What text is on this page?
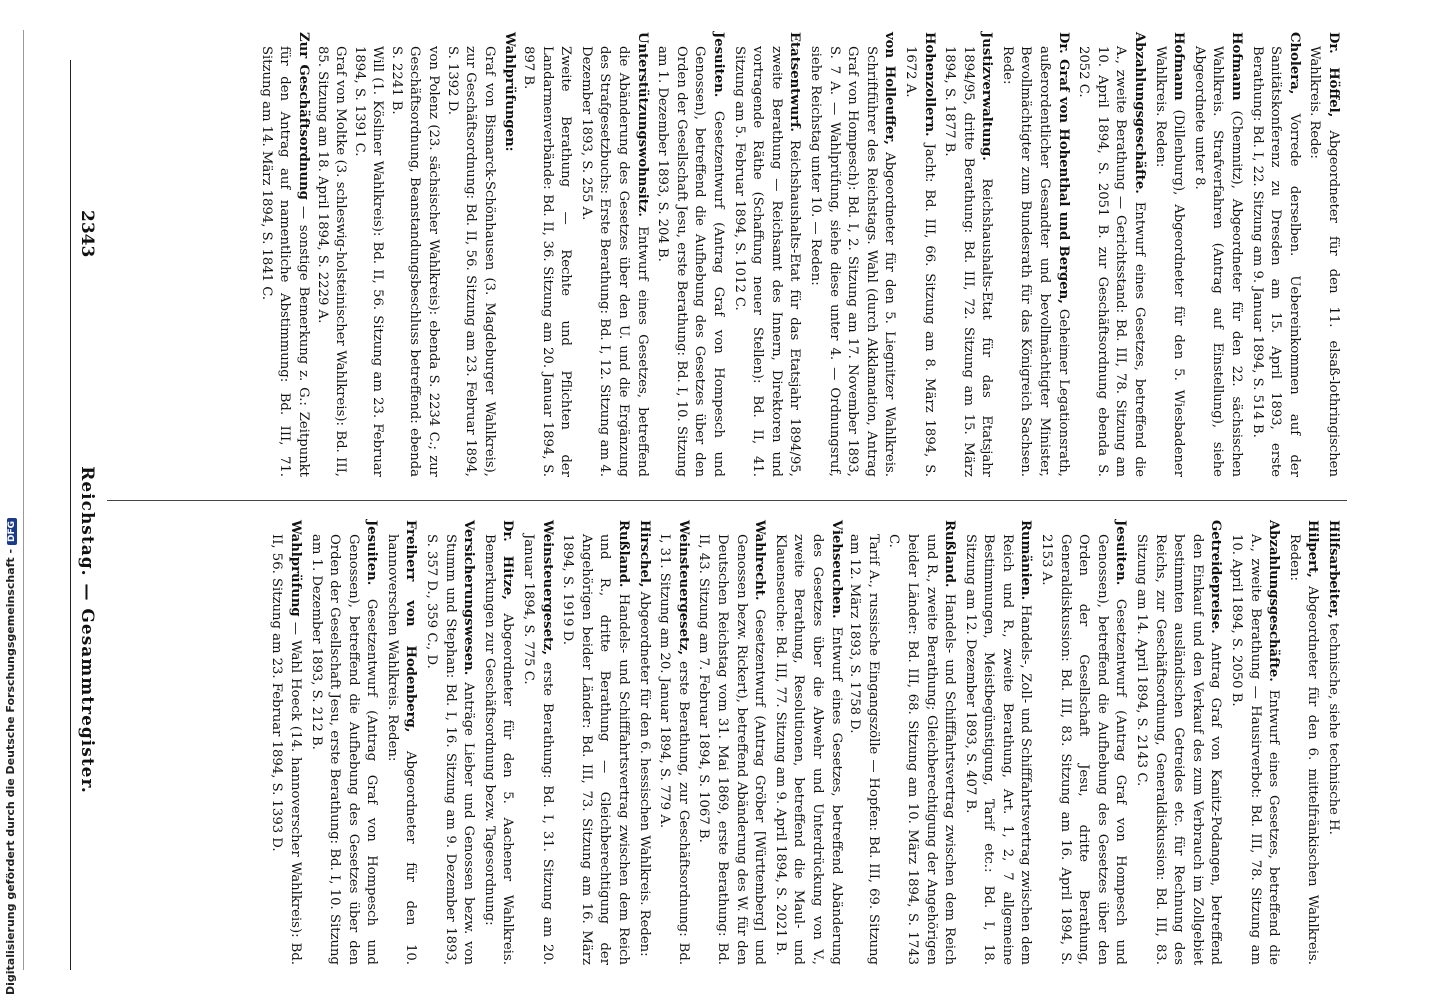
2343
Reichstag. — Gesammtregister.	Hilfsarbeiter, technische, siehe technische H.

Hilpert, Abgeordneter für den 6. mittelfränkischen Wahlkreis. Reden:

Abzahlungsgeschäfte. Entwurf eines Gesetzes, betreffend die A., zweite Berathung — Hausirverbot: Bd. III, 78. Sitzung am 10. April 1894, S. 2050 B.

Getreidepreise. Antrag Graf von Kanitz-Podangen, betreffend den Einkauf und den Verkauf des zum Verbrauch im Zollgebiet bestimmten ausländischen Getreides etc. für Rechnung des Reichs, zur Geschäftsordnung, Generaldiskussion: Bd. III, 83. Sitzung am 14. April 1894, S. 2143 C.

Jesuiten. Gesetzentwurf (Antrag Graf von Hompesch und Genossen), betreffend die Aufhebung des Gesetzes über den Orden der Gesellschaft Jesu, dritte Berathung, Generaldiskussion: Bd. III, 83. Sitzung am 16. April 1894, S. 2153 A.

Rumänien. Handels-, Zoll- und Schifffahrtsvertrag zwischen dem Reich und R., zweite Berathung, Art. 1, 2, 7 allgemeine Bestimmungen, Meistbegünstigung, Tarif etc.: Bd. I, 18. Sitzung am 12. Dezember 1893, S. 407 B.

Rußland. Handels- und Schifffahrtsvertrag zwischen dem Reich und R., zweite Berathung; Gleichberechtigung der Angehörigen beider Länder: Bd. III, 68. Sitzung am 10. März 1894, S. 1743 C.

Tarif A., russische Eingangszölle — Hopfen: Bd. III, 69. Sitzung am 12. März 1893, S. 1758 D.

Viehseuchen. Entwurf eines Gesetzes, betreffend Abänderung des Gesetzes über die Abwehr und Unterdrückung von V., zweite Berathung, Resolutionen, betreffend die Maul- und Klauenseuche: Bd. III, 77. Sitzung am 9. April 1894, S. 2021 B.

Wahlrecht. Gesetzentwurf (Antrag Gröber [Württemberg] und Genossen bezw. Rickert), betreffend Abänderung des W. für den Deutschen Reichstag vom 31. Mai 1869, erste Berathung: Bd. II, 43. Sitzung am 7. Februar 1894, S. 1067 B.

Weinsteuergesetz, erste Berathung, zur Geschäftsordnung: Bd. I, 31. Sitzung am 20. Januar 1894, S. 779 A.

Hirschel, Abgeordneter für den 6. hessischen Wahlkreis. Reden:

Rußland. Handels- und Schifffahrtsvertrag zwischen dem Reich und R., dritte Berathung — Gleichberechtigung der Angehörigen beider Länder: Bd. III, 73. Sitzung am 16. März 1894, S. 1919 D.

Weinsteuergesetz, erste Berathung: Bd. I, 31. Sitzung am 20. Januar 1894, S. 775 C.

Dr. Hitze, Abgeordneter für den 5. Aachener Wahlkreis. Bemerkungen zur Geschäftsordnung bezw. Tagesordnung:

Versicherungswesen. Anträge Lieber und Genossen bezw. von Stumm und Stephan: Bd. I, 16. Sitzung am 9. Dezember 1893, S. 357 D., 359 C., D.

Freiherr von Hodenberg, Abgeordneter für den 10. hannoverschen Wahlkreis. Reden:

Jesuiten. Gesetzentwurf (Antrag Graf von Hompesch und Genossen), betreffend die Aufhebung des Gesetzes über den Orden der Gesellschaft Jesu, erste Berathung: Bd. I, 10. Sitzung am 1. Dezember 1893, S. 212 B.

Wahlprüfung — Wahl Hoeck (14. hannoverscher Wahlkreis): Bd. II, 56. Sitzung am 23. Februar 1894, S. 1393 D.

Dr. Höffel, Abgeordneter für den 11. elsaß-lothringischen Wahlkreis. Rede:

Cholera, Vorrede derselben. Uebereinkommen auf der Sanitätskonferenz zu Dresden am 15. April 1893, erste Berathung: Bd. I, 22. Sitzung am 9. Januar 1894, S. 514 B.

Hofmann (Chemnitz), Abgeordneter für den 22. sächsischen Wahlkreis. Strafverfahren (Antrag auf Einstellung), siehe Abgeordnete unter 8.

Hofmann (Dillenburg), Abgeordneter für den 5. Wiesbadener Wahlkreis. Reden:

Abzahlungsgeschäfte. Entwurf eines Gesetzes, betreffend die A., zweite Berathung — Gerichtsstand: Bd. III, 78. Sitzung am 10. April 1894, S. 2051 B. zur Geschäftsordnung ebenda S. 2052 C.

Dr. Graf von Hohenthal und Bergen, Geheimer Legationsrath, außerordentlicher Gesandter und bevollmächtigter Minister, Bevollmächtigter zum Bundesrath für das Königreich Sachsen. Rede:

Justizverwaltung. Reichshaushalts-Etat für das Etatsjahr 1894/95, dritte Berathung: Bd. III, 72. Sitzung am 15. März 1894, S. 1877 B.

Hohenzollern. Jacht: Bd. III, 66. Sitzung am 8. März 1894, S. 1672 A.

von Holleuffer, Abgeordneter für den 5. Liegnitzer Wahlkreis. Schriftführer des Reichstags. Wahl (durch Akklamation, Antrag Graf von Hompesch): Bd. I, 2. Sitzung am 17. November 1893, S. 7 A. — Wahlprüfung, siehe diese unter 4. — Ordnungsruf, siehe Reichstag unter 10. — Reden:

Etatsentwurf. Reichshaushalts-Etat für das Etatsjahr 1894/95, zweite Berathung — Reichsamt des Innern, Direktoren und vortragende Räthe (Schaffung neuer Stellen): Bd. II, 41. Sitzung am 5. Februar 1894, S. 1012 C.

Jesuiten. Gesetzentwurf (Antrag Graf von Hompesch und Genossen), betreffend die Aufhebung des Gesetzes über den Orden der Gesellschaft Jesu, erste Berathung: Bd. I, 10. Sitzung am 1. Dezember 1893, S. 204 B.

Unterstützungswohnsitz. Entwurf eines Gesetzes, betreffend die Abänderung des Gesetzes über den U. und die Ergänzung des Strafgesetzbuchs: Erste Berathung: Bd. I, 12. Sitzung am 4. Dezember 1893, S. 255 A.

Zweite Berathung — Rechte und Pflichten der Landarmenverbände: Bd. II, 36. Sitzung am 20. Januar 1894, S. 897 B.

Wahlprüfungen:

Graf von Bismarck-Schönhausen (3. Magdeburger Wahlkreis), zur Geschäftsordnung: Bd. II, 56. Sitzung am 23. Februar 1894, S. 1392 D.

von Polenz (23. sächsischer Wahlkreis): ebenda S. 2234 C.; zur Geschäftsordnung, Beanstandungsbeschluss betreffend: ebenda S. 2241 B.

Will (1. Kösliner Wahlkreis): Bd. II, 56. Sitzung am 23. Februar 1894, S. 1391 C.

Graf von Moltke (3. schleswig-holsteinischer Wahlkreis): Bd. III, 85. Sitzung am 18. April 1894, S. 2229 A.

Zur Geschäftsordnung — sonstige Bemerkung z. G.: Zeitpunkt für den Antrag auf namentliche Abstimmung: Bd. III, 71. Sitzung am 14. März 1894, S. 1841 C.

Digitalisierung gefördert durch die Deutsche Forschungsgemeinschaft -DFG
